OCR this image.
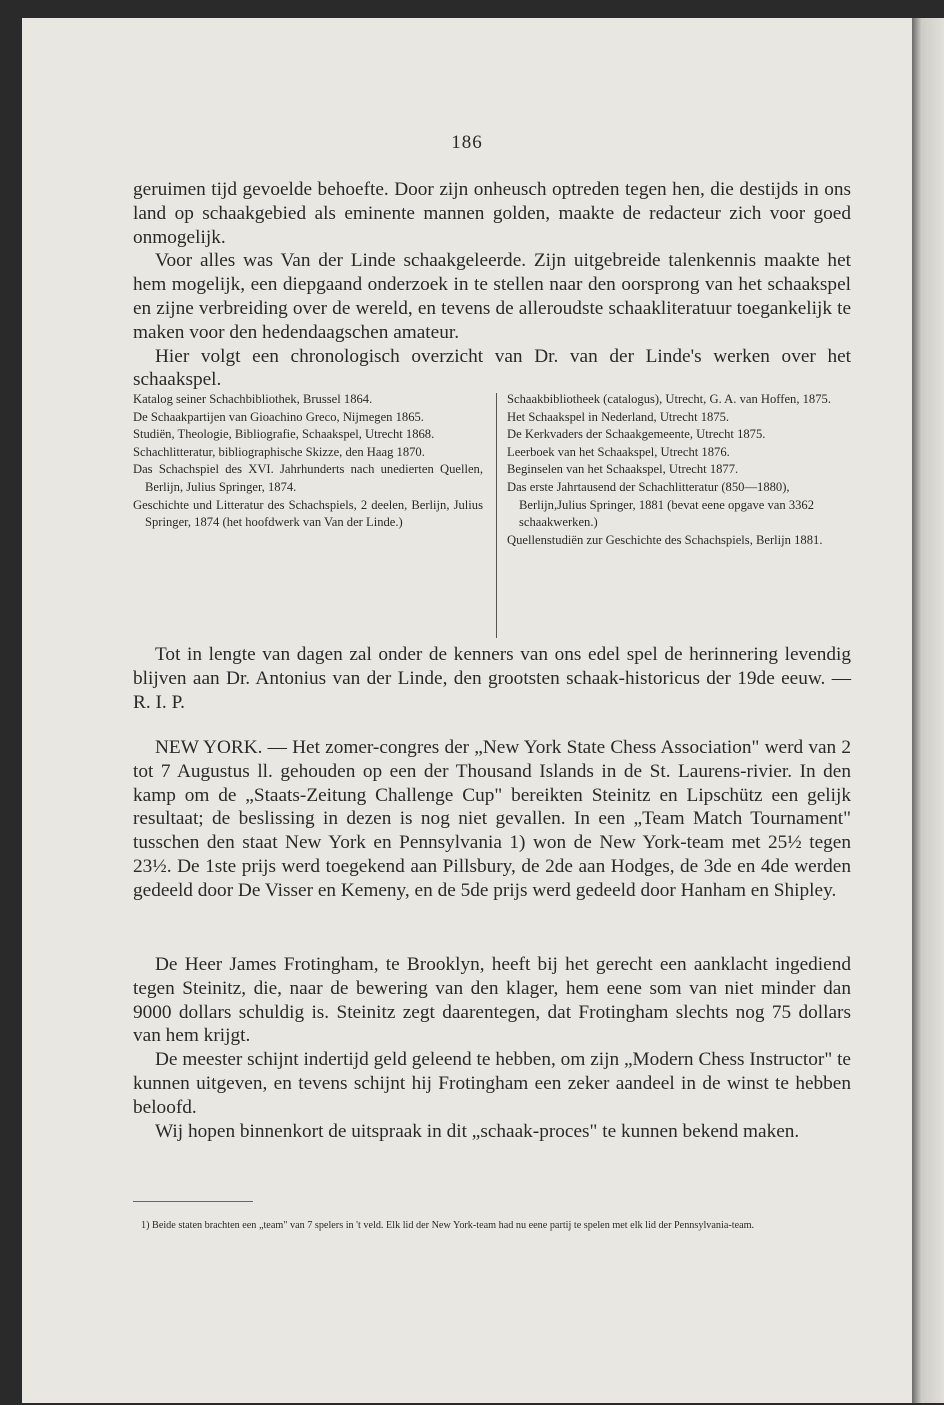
186

geruimen tijd gevoelde behoefte. Door zijn onheusch optreden tegen hen, die destijds in ons land op schaakgebied als eminente mannen golden, maakte de redacteur zich voor goed onmogelijk.

Voor alles was Van der Linde schaakgeleerde. Zijn uitgebreide talenkennis maakte het hem mogelijk, een diepgaand onderzoek in te stellen naar den oorsprong van het schaakspel en zijne verbreiding over de wereld, en tevens de alleroudste schaakliteratuur toegankelijk te maken voor den hedendaagschen amateur.

Hier volgt een chronologisch overzicht van Dr. van der Linde's werken over het schaakspel.

Katalog seiner Schachbibliothek, Brussel 1864.
De Schaakpartijen van Gioachino Greco, Nijmegen 1865.
Studiën, Theologie, Bibliografie, Schaakspel, Utrecht 1868.
Schachlitteratur, bibliographische Skizze, den Haag 1870.
Das Schachspiel des XVI. Jahrhunderts nach unedierten Quellen, Berlijn, Julius Springer, 1874.
Geschichte und Litteratur des Schachspiels, 2 deelen, Berlijn, Julius Springer, 1874 (het hoofdwerk van Van der Linde.)
Schaakbibliotheek (catalogus), Utrecht, G. A. van Hoffen, 1875.
Het Schaakspel in Nederland, Utrecht 1875.
De Kerkvaders der Schaakgemeente, Utrecht 1875.
Leerboek van het Schaakspel, Utrecht 1876.
Beginselen van het Schaakspel, Utrecht 1877.
Das erste Jahrtausend der Schachlitteratur (850—1880), Berlijn,Julius Springer, 1881 (bevat eene opgave van 3362 schaakwerken.)
Quellenstudiën zur Geschichte des Schachspiels, Berlijn 1881.
Tot in lengte van dagen zal onder de kenners van ons edel spel de herinnering levendig blijven aan Dr. Antonius van der Linde, den grootsten schaak-historicus der 19de eeuw. — R. I. P.
NEW YORK. — Het zomer-congres der „New York State Chess Association" werd van 2 tot 7 Augustus ll. gehouden op een der Thousand Islands in de St. Laurens-rivier. In den kamp om de „Staats-Zeitung Challenge Cup" bereikten Steinitz en Lipschütz een gelijk resultaat; de beslissing in dezen is nog niet gevallen. In een „Team Match Tournament" tusschen den staat New York en Pennsylvania 1) won de New York-team met 25½ tegen 23½. De 1ste prijs werd toegekend aan Pillsbury, de 2de aan Hodges, de 3de en 4de werden gedeeld door De Visser en Kemeny, en de 5de prijs werd gedeeld door Hanham en Shipley.

De Heer James Frotingham, te Brooklyn, heeft bij het gerecht een aanklacht ingediend tegen Steinitz, die, naar de bewering van den klager, hem eene som van niet minder dan 9000 dollars schuldig is. Steinitz zegt daarentegen, dat Frotingham slechts nog 75 dollars van hem krijgt.

De meester schijnt indertijd geld geleend te hebben, om zijn „Modern Chess Instructor" te kunnen uitgeven, en tevens schijnt hij Frotingham een zeker aandeel in de winst te hebben beloofd.

Wij hopen binnenkort de uitspraak in dit „schaak-proces" te kunnen bekend maken.

1) Beide staten brachten een „team" van 7 spelers in 't veld. Elk lid der New York-team had nu eene partij te spelen met elk lid der Pennsylvania-team.
